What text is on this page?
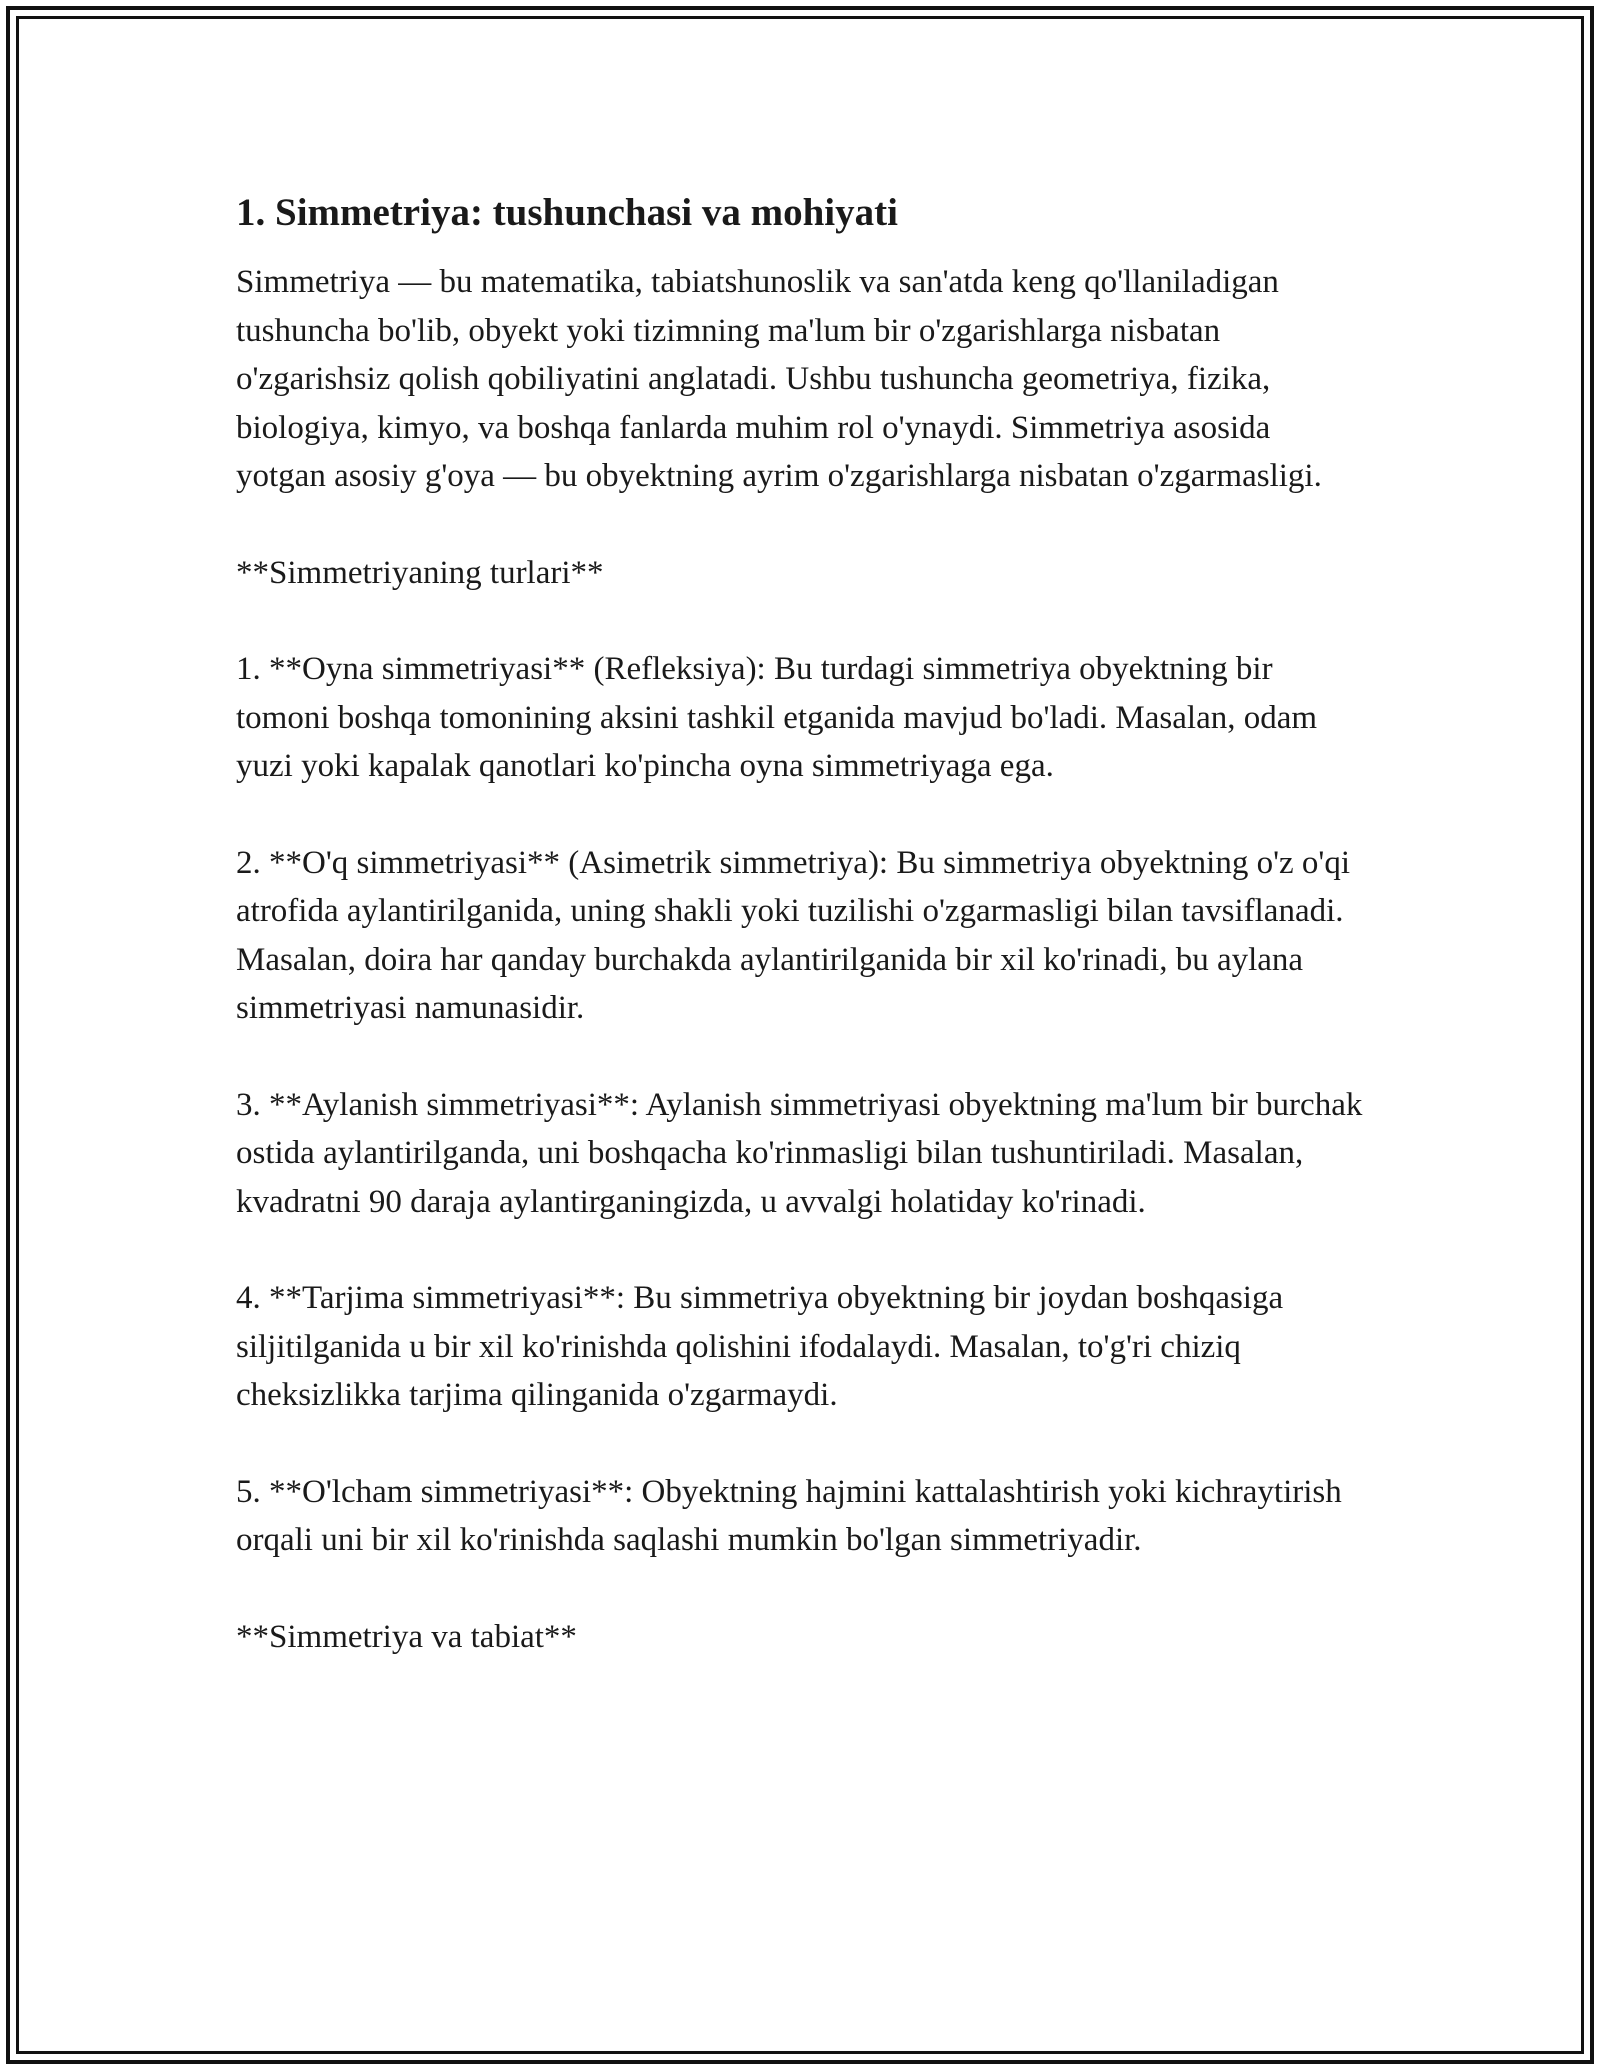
1. Simmetriya: tushunchasi va mohiyati

Simmetriya — bu matematika, tabiatshunoslik va san'atda keng qo'llaniladigan tushuncha bo'lib, obyekt yoki tizimning ma'lum bir o'zgarishlarga nisbatan o'zgarishsiz qolish qobiliyatini anglatadi. Ushbu tushuncha geometriya, fizika, biologiya, kimyo, va boshqa fanlarda muhim rol o'ynaydi. Simmetriya asosida yotgan asosiy g'oya — bu obyektning ayrim o'zgarishlarga nisbatan o'zgarmasligi.

**Simmetriyaning turlari**

1. **Oyna simmetriyasi** (Refleksiya): Bu turdagi simmetriya obyektning bir tomoni boshqa tomonining aksini tashkil etganida mavjud bo'ladi. Masalan, odam yuzi yoki kapalak qanotlari ko'pincha oyna simmetriyaga ega.

2. **O'q simmetriyasi** (Asimetrik simmetriya): Bu simmetriya obyektning o'z o'qi atrofida aylantirilganida, uning shakli yoki tuzilishi o'zgarmasligi bilan tavsiflanadi. Masalan, doira har qanday burchakda aylantirilganida bir xil ko'rinadi, bu aylana simmetriyasi namunasidir.

3. **Aylanish simmetriyasi**: Aylanish simmetriyasi obyektning ma'lum bir burchak ostida aylantirilganda, uni boshqacha ko'rinmasligi bilan tushuntiriladi. Masalan, kvadratni 90 daraja aylantirganingizda, u avvalgi holatiday ko'rinadi.

4. **Tarjima simmetriyasi**: Bu simmetriya obyektning bir joydan boshqasiga siljitilganida u bir xil ko'rinishda qolishini ifodalaydi. Masalan, to'g'ri chiziq cheksizlikka tarjima qilinganida o'zgarmaydi.

5. **O'lcham simmetriyasi**: Obyektning hajmini kattalashtirish yoki kichraytirish orqali uni bir xil ko'rinishda saqlashi mumkin bo'lgan simmetriyadir.

**Simmetriya va tabiat**
